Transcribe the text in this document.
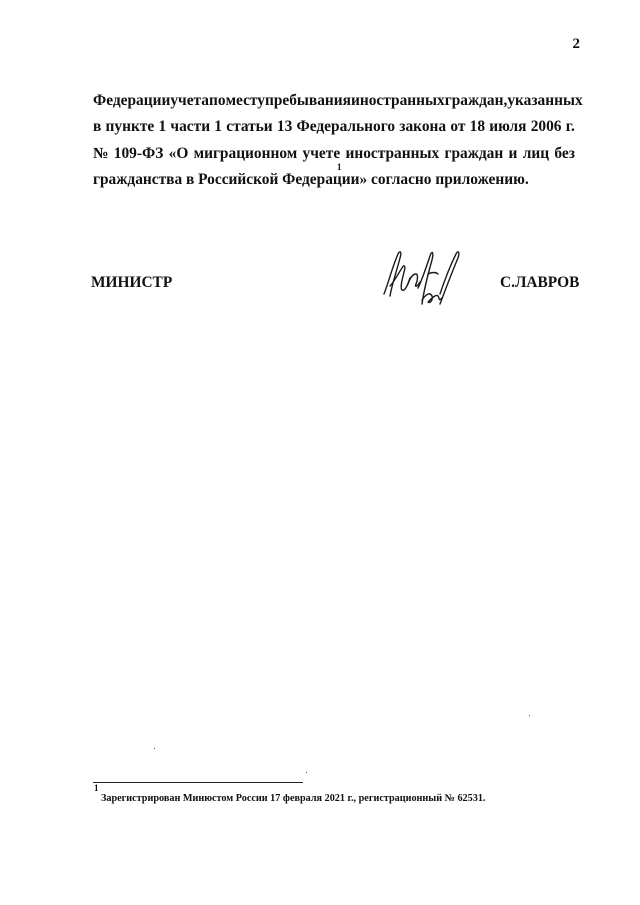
2
Федерации учета по месту пребывания иностранных граждан, указанных
в пункте 1 части 1 статьи 13 Федерального закона от 18 июля 2006 г.
№ 109-ФЗ «О миграционном учете иностранных граждан и лиц без
гражданства в Российской Федерации» согласно приложению.
1
МИНИСТР	С.ЛАВРОВ
1
Зарегистрирован Минюстом России 17 февраля 2021 г., регистрационный № 62531.
